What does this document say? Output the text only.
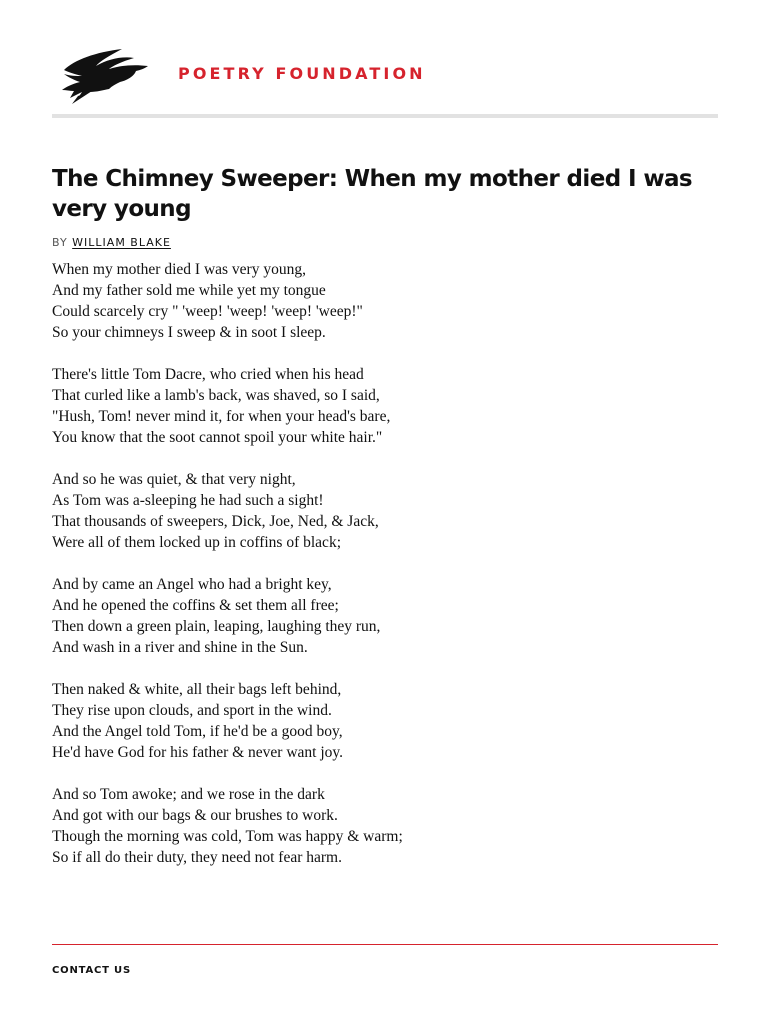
POETRY FOUNDATION
The Chimney Sweeper: When my mother died I was very young
BY WILLIAM BLAKE
When my mother died I was very young,
And my father sold me while yet my tongue
Could scarcely cry " 'weep! 'weep! 'weep! 'weep!"
So your chimneys I sweep & in soot I sleep.
There's little Tom Dacre, who cried when his head
That curled like a lamb's back, was shaved, so I said,
"Hush, Tom! never mind it, for when your head's bare,
You know that the soot cannot spoil your white hair."
And so he was quiet, & that very night,
As Tom was a-sleeping he had such a sight!
That thousands of sweepers, Dick, Joe, Ned, & Jack,
Were all of them locked up in coffins of black;
And by came an Angel who had a bright key,
And he opened the coffins & set them all free;
Then down a green plain, leaping, laughing they run,
And wash in a river and shine in the Sun.
Then naked & white, all their bags left behind,
They rise upon clouds, and sport in the wind.
And the Angel told Tom, if he'd be a good boy,
He'd have God for his father & never want joy.
And so Tom awoke; and we rose in the dark
And got with our bags & our brushes to work.
Though the morning was cold, Tom was happy & warm;
So if all do their duty, they need not fear harm.
CONTACT US
